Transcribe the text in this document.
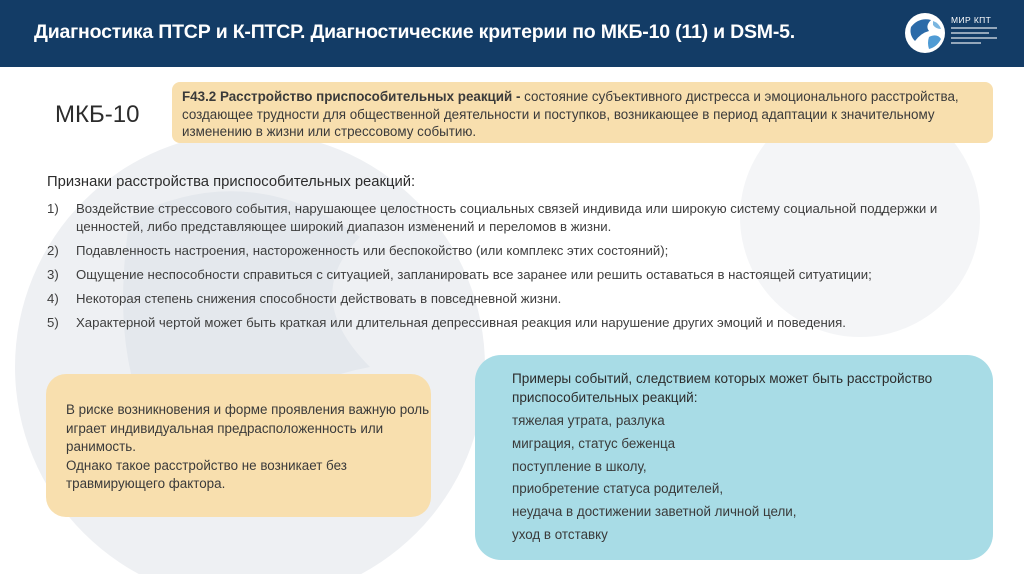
Диагностика ПТСР и К-ПТСР. Диагностические критерии по МКБ-10 (11) и DSM-5.
МИР КПТ
МКБ-10
F43.2 Расстройство приспособительных реакций - состояние субъективного дистресса и эмоционального расстройства, создающее трудности для общественной деятельности и поступков, возникающее в период адаптации к значительному изменению в жизни или стрессовому событию.
Признаки расстройства приспособительных реакций:
1) Воздействие стрессового события, нарушающее целостность социальных связей индивида или широкую систему социальной поддержки и ценностей, либо представляющее широкий диапазон изменений и переломов в жизни.
2) Подавленность настроения, настороженность или беспокойство (или комплекс этих состояний);
3) Ощущение неспособности справиться с ситуацией, запланировать все заранее или решить оставаться в настоящей ситуатиции;
4) Некоторая степень снижения способности действовать в повседневной жизни.
5) Характерной чертой может быть краткая или длительная депрессивная реакция или нарушение других эмоций и поведения.

В риске возникновения и форме проявления важную роль играет индивидуальная предрасположенность или ранимость.

Однако такое расстройство не возникает без травмирующего фактора.

Примеры событий, следствием которых может быть расстройство приспособительных реакций:

тяжелая утрата, разлука
миграция, статус беженца
поступление в школу,
приобретение статуса родителей,
неудача в достижении заветной личной цели,
уход в отставку
